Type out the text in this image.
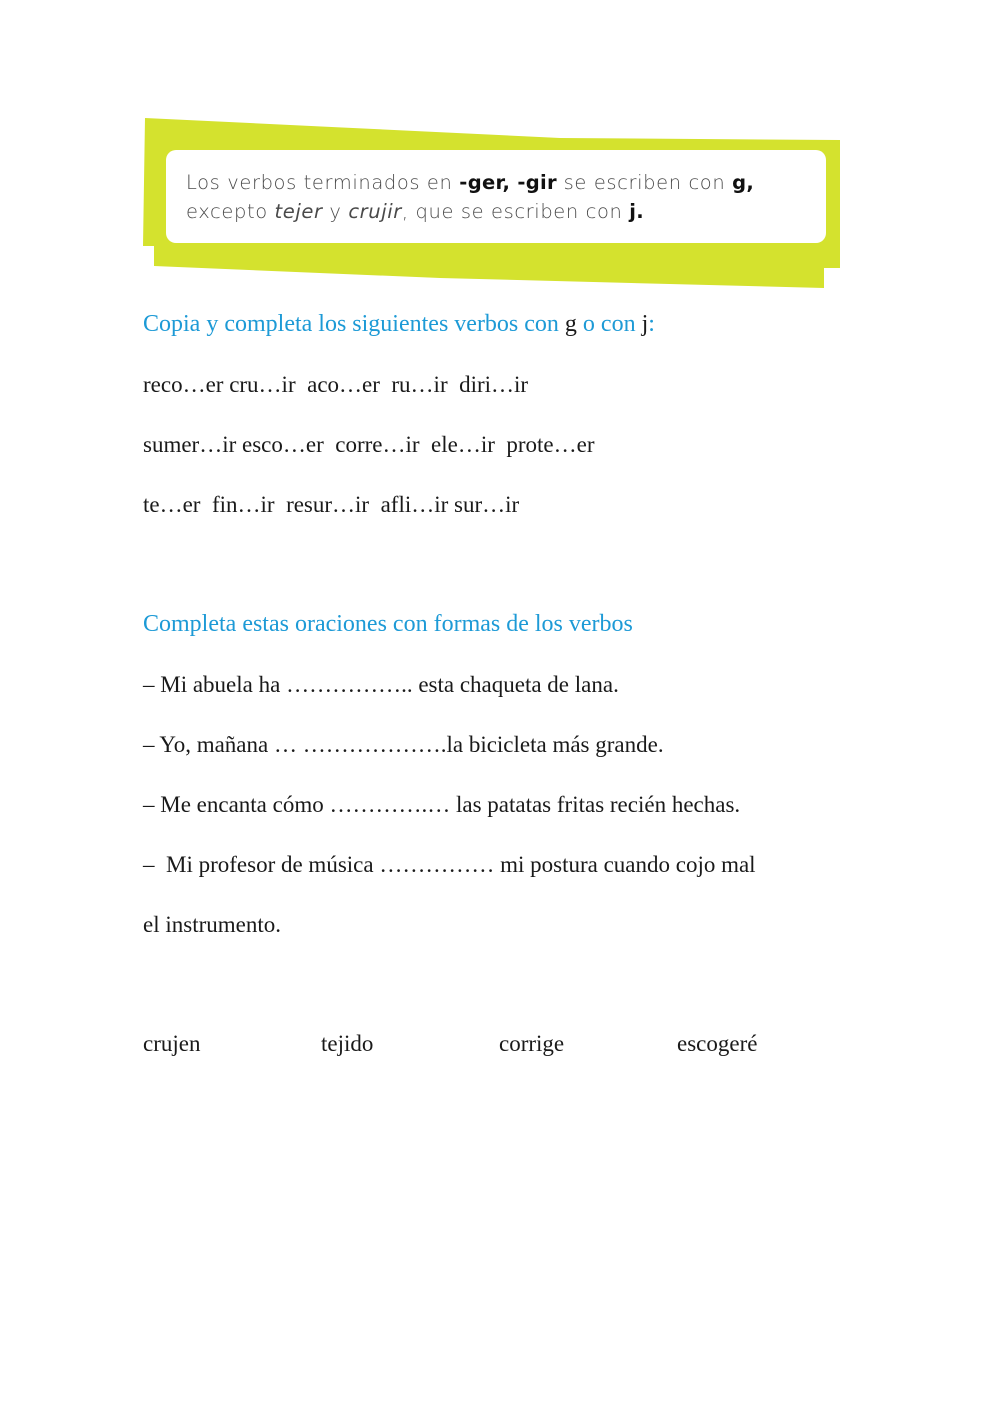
Los verbos terminados en -ger, -gir se escriben con g,
excepto tejer y crujir, que se escriben con j.
Copia y completa los siguientes verbos con g o con j:
reco…er cru…ir  aco…er  ru…ir  diri…ir
sumer…ir esco…er  corre…ir  ele…ir  prote…er
te…er  fin…ir  resur…ir  afli…ir sur…ir
Completa estas oraciones con formas de los verbos
– Mi abuela ha …………….. esta chaqueta de lana.
– Yo, mañana … ……………….la bicicleta más grande.
– Me encanta cómo ………….… las patatas fritas recién hechas.
–  Mi profesor de música …………… mi postura cuando cojo mal
el instrumento.
crujen	tejido	corrige	escogeré
